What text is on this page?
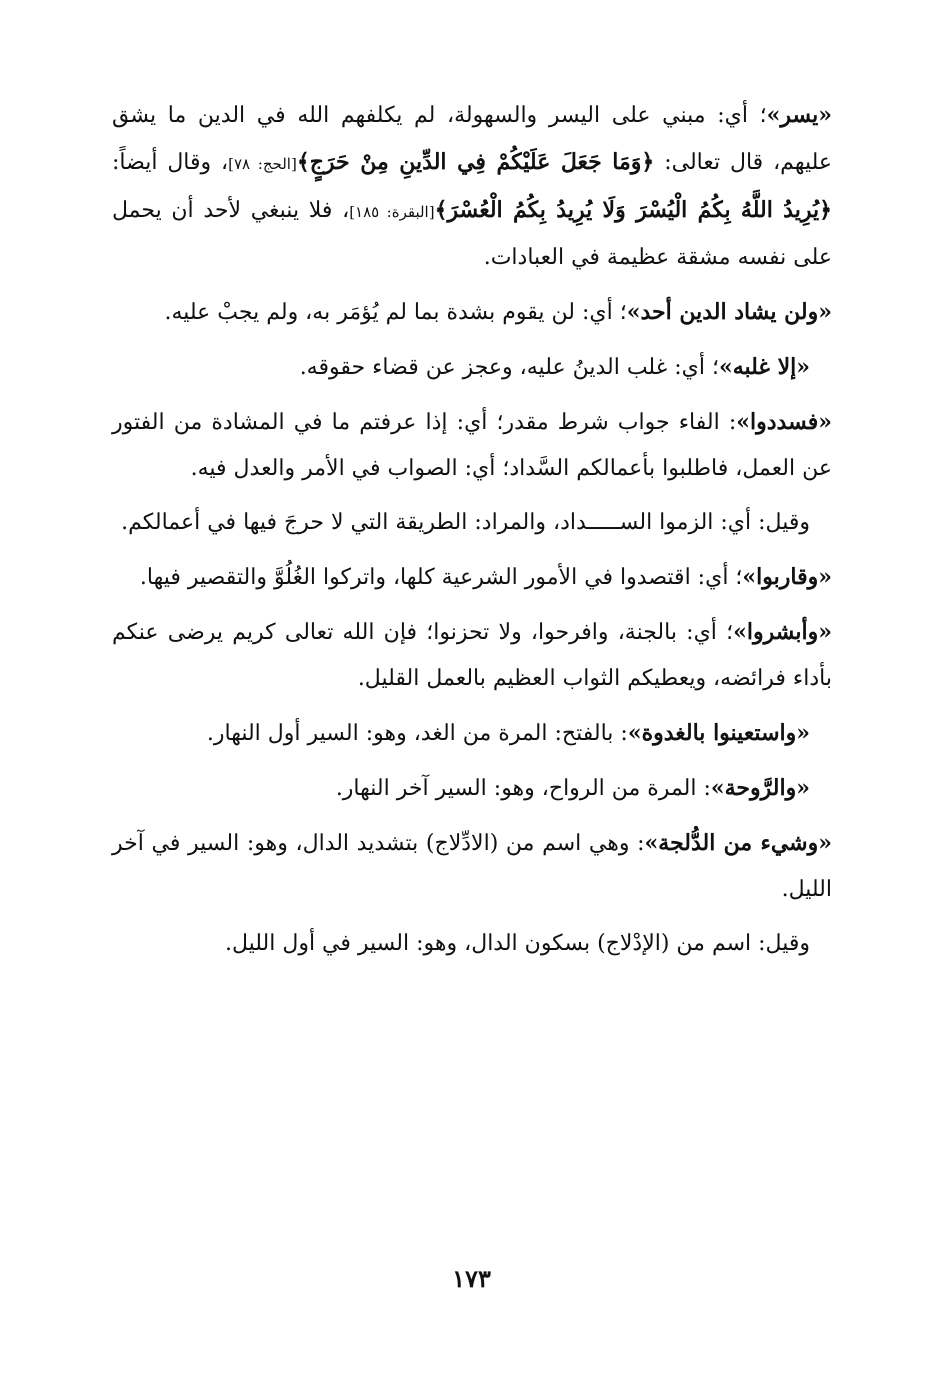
«يسر»؛ أي: مبني على اليسر والسهولة، لم يكلفهم الله في الدين ما يشق عليهم، قال تعالى: ﴿وَمَا جَعَلَ عَلَيْكُمْ فِي الدِّينِ مِنْ حَرَجٍ﴾[الحج: ٧٨]، وقال أيضاً: ﴿يُرِيدُ اللَّهُ بِكُمُ الْيُسْرَ وَلَا يُرِيدُ بِكُمُ الْعُسْرَ﴾[البقرة: ١٨٥]، فلا ينبغي لأحد أن يحمل على نفسه مشقة عظيمة في العبادات.

«ولن يشاد الدين أحد»؛ أي: لن يقوم بشدة بما لم يُؤمَر به، ولم يجبْ عليه.

«إلا غلبه»؛ أي: غلب الدينُ عليه، وعجز عن قضاء حقوقه.

«فسددوا»: الفاء جواب شرط مقدر؛ أي: إذا عرفتم ما في المشادة من الفتور عن العمل، فاطلبوا بأعمالكم السَّداد؛ أي: الصواب في الأمر والعدل فيه.

وقيل: أي: الزموا الســـــداد، والمراد: الطريقة التي لا حرجَ فيها في أعمالكم.

«وقاربوا»؛ أي: اقتصدوا في الأمور الشرعية كلها، واتركوا الغُلُوَّ والتقصير فيها.

«وأبشروا»؛ أي: بالجنة، وافرحوا، ولا تحزنوا؛ فإن الله تعالى كريم يرضى عنكم بأداء فرائضه، ويعطيكم الثواب العظيم بالعمل القليل.

«واستعينوا بالغدوة»: بالفتح: المرة من الغد، وهو: السير أول النهار.

«والرَّوحة»: المرة من الرواح، وهو: السير آخر النهار.

«وشيء من الدُّلجة»: وهي اسم من (الادِّلاج) بتشديد الدال، وهو: السير في آخر الليل.

وقيل: اسم من (الإدْلاج) بسكون الدال، وهو: السير في أول الليل.

١٧٣
